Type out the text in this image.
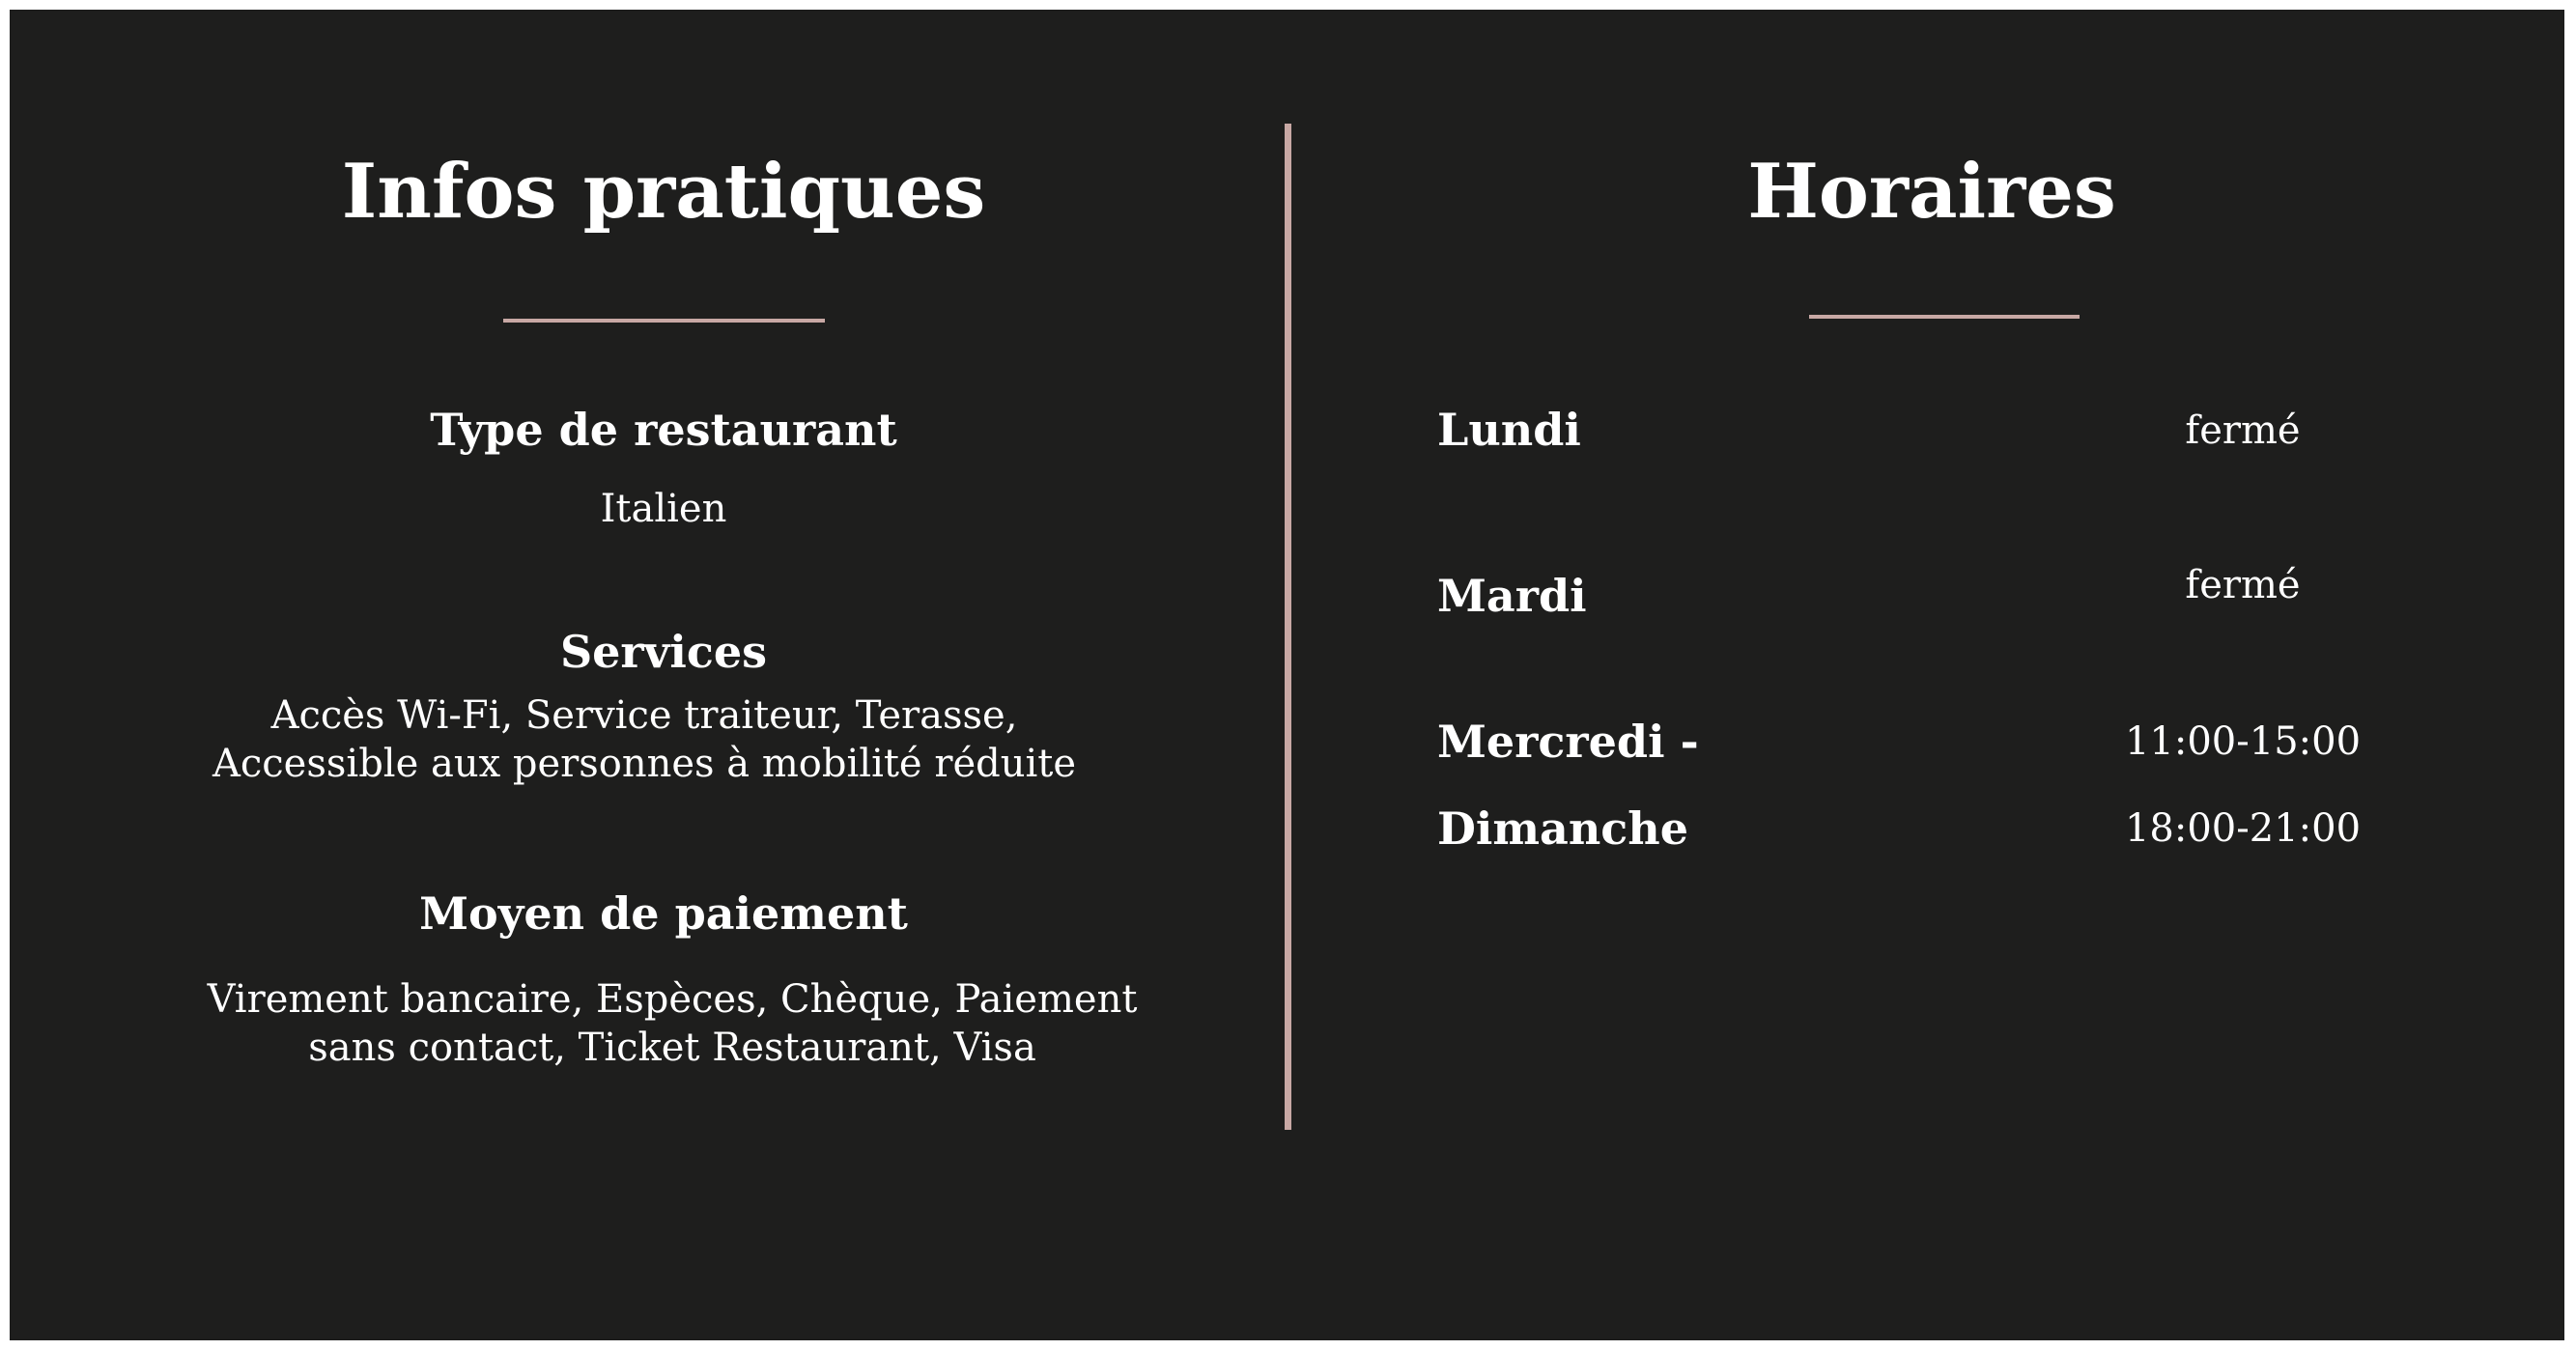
Infos pratiques
Type de restaurant
Italien
Services
Accès Wi-Fi, Service traiteur, Terasse,
Accessible aux personnes à mobilité réduite
Moyen de paiement
Virement bancaire, Espèces, Chèque, Paiement
sans contact, Ticket Restaurant, Visa
Horaires
Lundi	fermé
Mardi	fermé
Mercredi -	11:00-15:00
Dimanche	18:00-21:00
